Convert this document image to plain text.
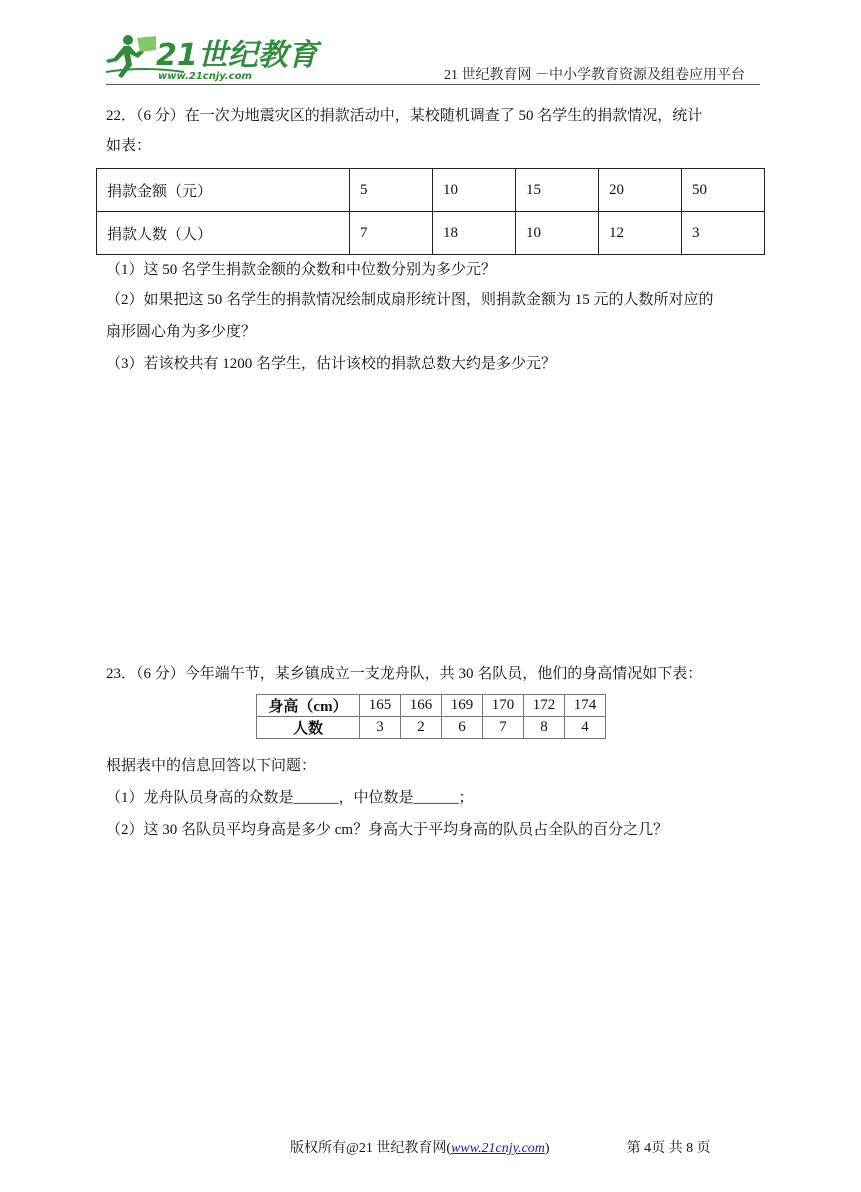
21世纪教育
www.21cnjy.com	21 世纪教育网 －中小学教育资源及组卷应用平台
22．（6 分）在一次为地震灾区的捐款活动中，某校随机调查了 50 名学生的捐款情况，统计
如表：
捐款金额（元）	5	10	15	20	50
捐款人数（人）	7	18	10	12	3
（1）这 50 名学生捐款金额的众数和中位数分别为多少元？
（2）如果把这 50 名学生的捐款情况绘制成扇形统计图，则捐款金额为 15 元的人数所对应的
扇形圆心角为多少度？
（3）若该校共有 1200 名学生，估计该校的捐款总数大约是多少元？
23．（6 分）今年端午节，某乡镇成立一支龙舟队，共 30 名队员，他们的身高情况如下表：
身高（cm）	165	166	169	170	172	174
人数	3	2	6	7	8	4
根据表中的信息回答以下问题：
（1）龙舟队员身高的众数是______，中位数是______；
（2）这 30 名队员平均身高是多少 cm？身高大于平均身高的队员占全队的百分之几？
版权所有@21 世纪教育网(www.21cnjy.com)	第 4页 共 8 页
